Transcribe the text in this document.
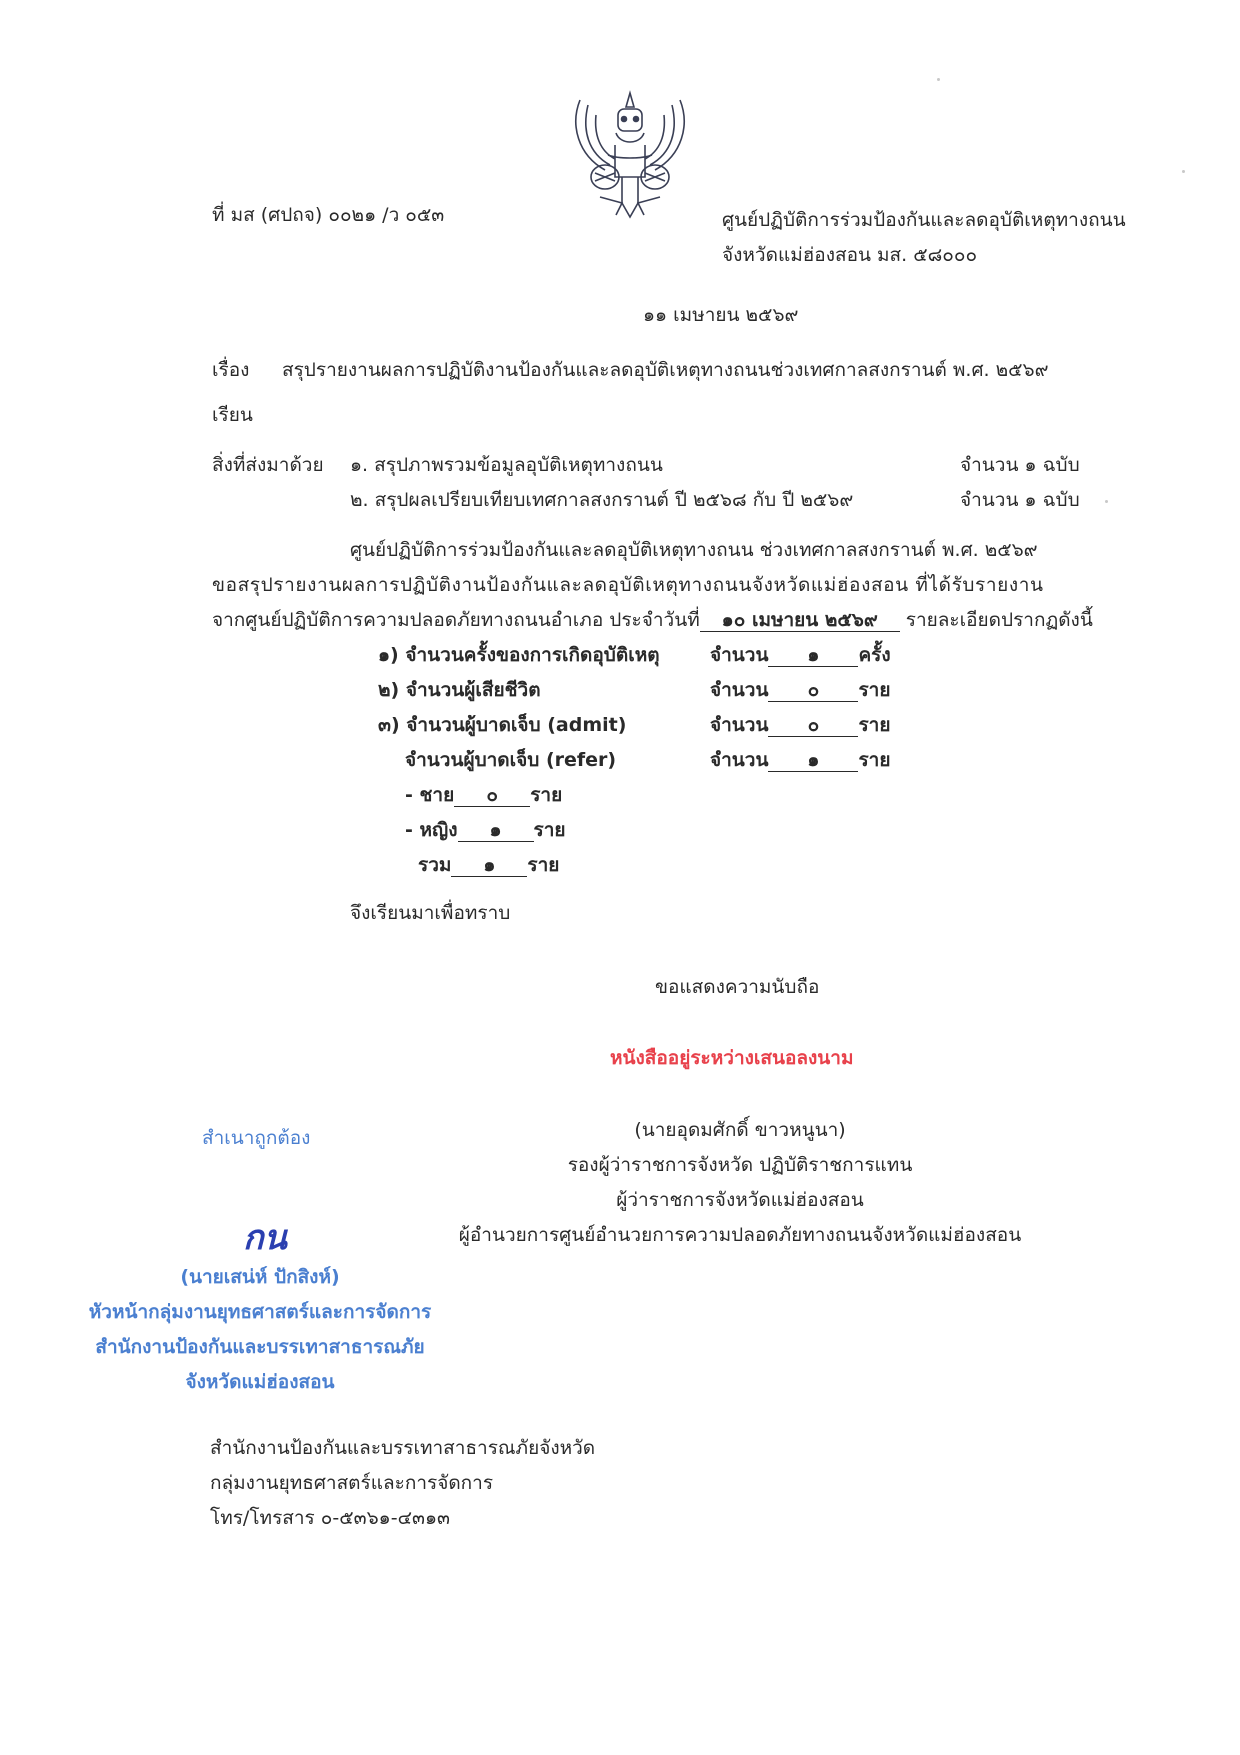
ที่ มส (ศปถจ) ๐๐๒๑ /ว ๐๕๓	ศูนย์ปฏิบัติการร่วมป้องกันและลดอุบัติเหตุทางถนน
จังหวัดแม่ฮ่องสอน มส. ๕๘๐๐๐
๑๑ เมษายน ๒๕๖๙
เรื่อง สรุปรายงานผลการปฏิบัติงานป้องกันและลดอุบัติเหตุทางถนนช่วงเทศกาลสงกรานต์ พ.ศ. ๒๕๖๙
เรียน
สิ่งที่ส่งมาด้วย ๑. สรุปภาพรวมข้อมูลอุบัติเหตุทางถนน	จำนวน ๑ ฉบับ
๒. สรุปผลเปรียบเทียบเทศกาลสงกรานต์ ปี ๒๕๖๘ กับ ปี ๒๕๖๙	จำนวน ๑ ฉบับ
ศูนย์ปฏิบัติการร่วมป้องกันและลดอุบัติเหตุทางถนน ช่วงเทศกาลสงกรานต์ พ.ศ. ๒๕๖๙
ขอสรุปรายงานผลการปฏิบัติงานป้องกันและลดอุบัติเหตุทางถนนจังหวัดแม่ฮ่องสอน ที่ได้รับรายงาน
จากศูนย์ปฏิบัติการความปลอดภัยทางถนนอำเภอ ประจำวันที่ ๑๐ เมษายน ๒๕๖๙ รายละเอียดปรากฏดังนี้
๑) จำนวนครั้งของการเกิดอุบัติเหตุ	จำนวน ๑ ครั้ง
๒) จำนวนผู้เสียชีวิต	จำนวน ๐ ราย
๓) จำนวนผู้บาดเจ็บ (admit)	จำนวน ๐ ราย
จำนวนผู้บาดเจ็บ (refer)	จำนวน ๑ ราย
- ชาย ๐ ราย
- หญิง ๑ ราย
รวม ๑ ราย
จึงเรียนมาเพื่อทราบ
ขอแสดงความนับถือ
หนังสืออยู่ระหว่างเสนอลงนาม
(นายอุดมศักดิ์ ขาวหนูนา)
รองผู้ว่าราชการจังหวัด ปฏิบัติราชการแทน
ผู้ว่าราชการจังหวัดแม่ฮ่องสอน
ผู้อำนวยการศูนย์อำนวยการความปลอดภัยทางถนนจังหวัดแม่ฮ่องสอน
สำเนาถูกต้อง
กน
(นายเสน่ห์ ปักสิงห์)
หัวหน้ากลุ่มงานยุทธศาสตร์และการจัดการ
สำนักงานป้องกันและบรรเทาสาธารณภัย
จังหวัดแม่ฮ่องสอน
สำนักงานป้องกันและบรรเทาสาธารณภัยจังหวัด
กลุ่มงานยุทธศาสตร์และการจัดการ
โทร/โทรสาร ๐-๕๓๖๑-๔๓๑๓
